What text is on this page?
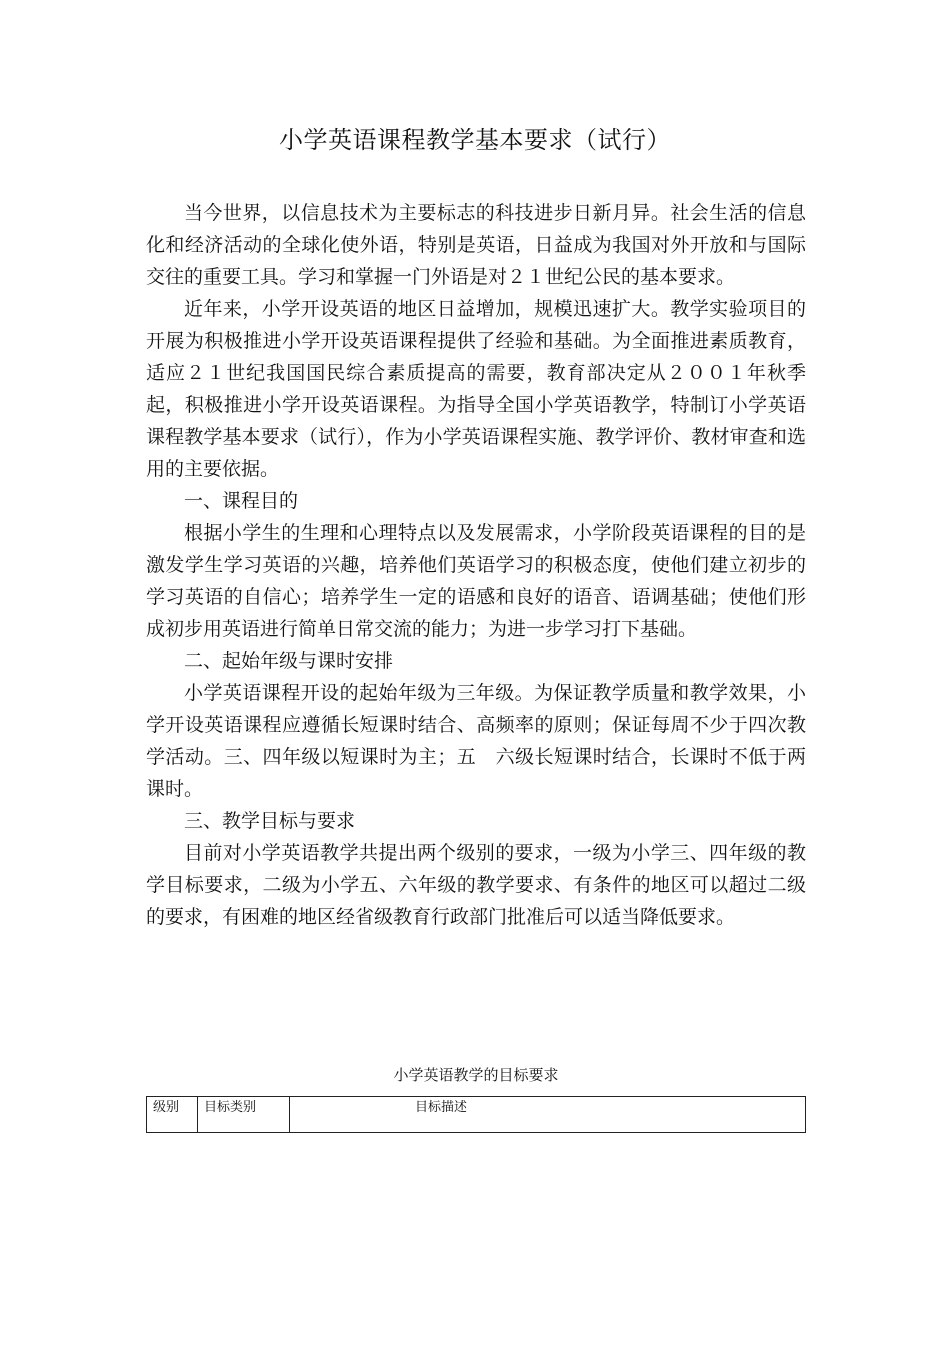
小学英语课程教学基本要求（试行）

当今世界，以信息技术为主要标志的科技进步日新月异。社会生活的信息化和经济活动的全球化使外语，特别是英语，日益成为我国对外开放和与国际交往的重要工具。学习和掌握一门外语是对２１世纪公民的基本要求。

近年来，小学开设英语的地区日益增加，规模迅速扩大。教学实验项目的开展为积极推进小学开设英语课程提供了经验和基础。为全面推进素质教育，适应２１世纪我国国民综合素质提高的需要，教育部决定从２００１年秋季起，积极推进小学开设英语课程。为指导全国小学英语教学，特制订小学英语课程教学基本要求（试行），作为小学英语课程实施、教学评价、教材审查和选用的主要依据。

一、课程目的

根据小学生的生理和心理特点以及发展需求，小学阶段英语课程的目的是激发学生学习英语的兴趣，培养他们英语学习的积极态度，使他们建立初步的学习英语的自信心；培养学生一定的语感和良好的语音、语调基础；使他们形成初步用英语进行简单日常交流的能力；为进一步学习打下基础。

二、起始年级与课时安排

小学英语课程开设的起始年级为三年级。为保证教学质量和教学效果，小学开设英语课程应遵循长短课时结合、高频率的原则；保证每周不少于四次教学活动。三、四年级以短课时为主；五　六级长短课时结合，长课时不低于两课时。

三、教学目标与要求

目前对小学英语教学共提出两个级别的要求，一级为小学三、四年级的教学目标要求，二级为小学五、六年级的教学要求、有条件的地区可以超过二级的要求，有困难的地区经省级教育行政部门批准后可以适当降低要求。

小学英语教学的目标要求
级别	目标类别	目标描述
